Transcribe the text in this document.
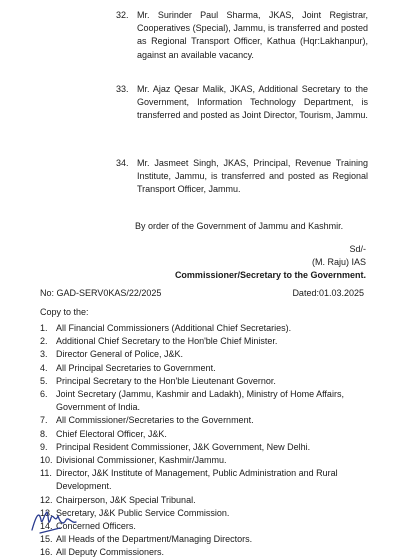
32. Mr. Surinder Paul Sharma, JKAS, Joint Registrar, Cooperatives (Special), Jammu, is transferred and posted as Regional Transport Officer, Kathua (Hqr:Lakhanpur), against an available vacancy.
33. Mr. Ajaz Qesar Malik, JKAS, Additional Secretary to the Government, Information Technology Department, is transferred and posted as Joint Director, Tourism, Jammu.
34. Mr. Jasmeet Singh, JKAS, Principal, Revenue Training Institute, Jammu, is transferred and posted as Regional Transport Officer, Jammu.
By order of the Government of Jammu and Kashmir.
Sd/-
(M. Raju) IAS
Commissioner/Secretary to the Government.
No: GAD-SERV0KAS/22/2025	Dated:01.03.2025
Copy to the:
1. All Financial Commissioners (Additional Chief Secretaries).
2. Additional Chief Secretary to the Hon'ble Chief Minister.
3. Director General of Police, J&K.
4. All Principal Secretaries to Government.
5. Principal Secretary to the Hon'ble Lieutenant Governor.
6. Joint Secretary (Jammu, Kashmir and Ladakh), Ministry of Home Affairs, Government of India.
7. All Commissioner/Secretaries to the Government.
8. Chief Electoral Officer, J&K.
9. Principal Resident Commissioner, J&K Government, New Delhi.
10. Divisional Commissioner, Kashmir/Jammu.
11. Director, J&K Institute of Management, Public Administration and Rural Development.
12. Chairperson, J&K Special Tribunal.
13. Secretary, J&K Public Service Commission.
14. Concerned Officers.
15. All Heads of the Department/Managing Directors.
16. All Deputy Commissioners.
